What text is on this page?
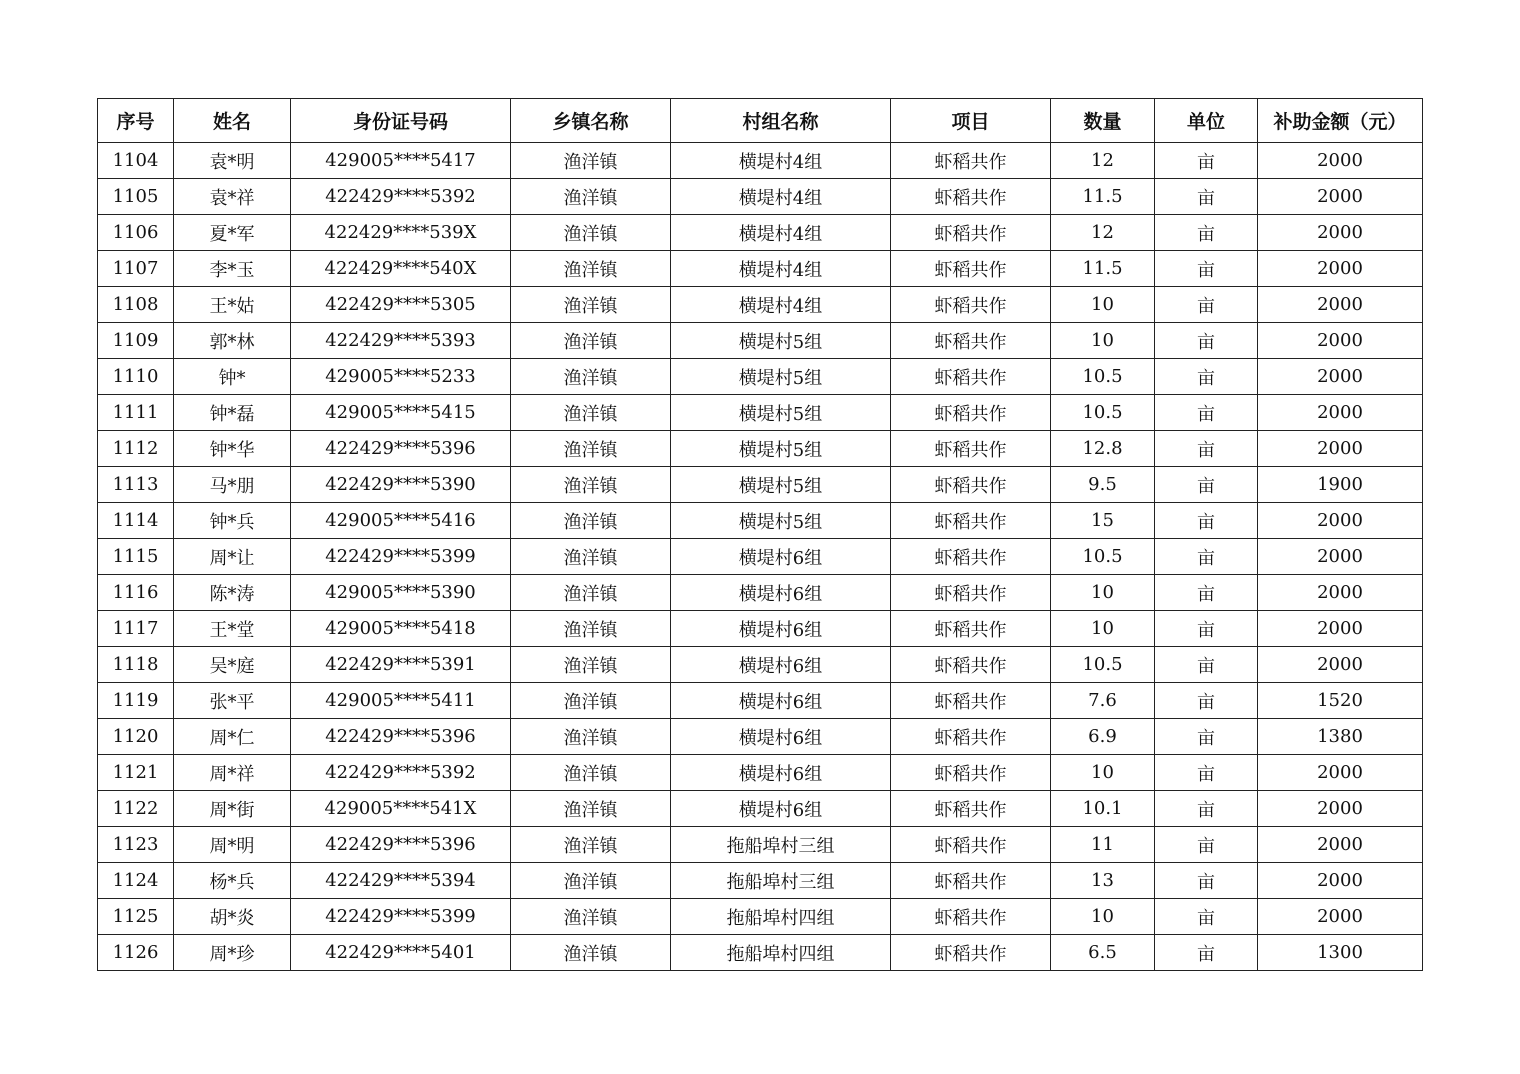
序号	姓名	身份证号码	乡镇名称	村组名称	项目	数量	单位	补助金额（元）
1104	袁*明	429005****5417	渔洋镇	横堤村4组	虾稻共作	12	亩	2000
1105	袁*祥	422429****5392	渔洋镇	横堤村4组	虾稻共作	11.5	亩	2000
1106	夏*军	422429****539X	渔洋镇	横堤村4组	虾稻共作	12	亩	2000
1107	李*玉	422429****540X	渔洋镇	横堤村4组	虾稻共作	11.5	亩	2000
1108	王*姑	422429****5305	渔洋镇	横堤村4组	虾稻共作	10	亩	2000
1109	郭*林	422429****5393	渔洋镇	横堤村5组	虾稻共作	10	亩	2000
1110	钟*	429005****5233	渔洋镇	横堤村5组	虾稻共作	10.5	亩	2000
1111	钟*磊	429005****5415	渔洋镇	横堤村5组	虾稻共作	10.5	亩	2000
1112	钟*华	422429****5396	渔洋镇	横堤村5组	虾稻共作	12.8	亩	2000
1113	马*朋	422429****5390	渔洋镇	横堤村5组	虾稻共作	9.5	亩	1900
1114	钟*兵	429005****5416	渔洋镇	横堤村5组	虾稻共作	15	亩	2000
1115	周*让	422429****5399	渔洋镇	横堤村6组	虾稻共作	10.5	亩	2000
1116	陈*涛	429005****5390	渔洋镇	横堤村6组	虾稻共作	10	亩	2000
1117	王*堂	429005****5418	渔洋镇	横堤村6组	虾稻共作	10	亩	2000
1118	吴*庭	422429****5391	渔洋镇	横堤村6组	虾稻共作	10.5	亩	2000
1119	张*平	429005****5411	渔洋镇	横堤村6组	虾稻共作	7.6	亩	1520
1120	周*仁	422429****5396	渔洋镇	横堤村6组	虾稻共作	6.9	亩	1380
1121	周*祥	422429****5392	渔洋镇	横堤村6组	虾稻共作	10	亩	2000
1122	周*街	429005****541X	渔洋镇	横堤村6组	虾稻共作	10.1	亩	2000
1123	周*明	422429****5396	渔洋镇	拖船埠村三组	虾稻共作	11	亩	2000
1124	杨*兵	422429****5394	渔洋镇	拖船埠村三组	虾稻共作	13	亩	2000
1125	胡*炎	422429****5399	渔洋镇	拖船埠村四组	虾稻共作	10	亩	2000
1126	周*珍	422429****5401	渔洋镇	拖船埠村四组	虾稻共作	6.5	亩	1300
